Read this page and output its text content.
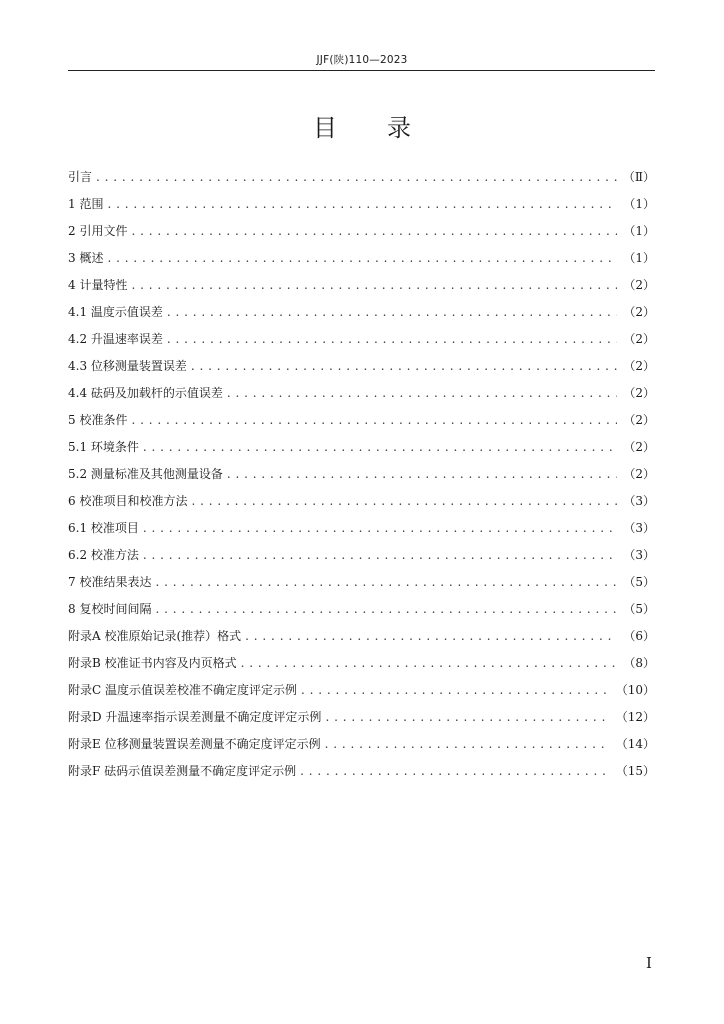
JJF(陕)110—2023
目录
引言 . . .	（Ⅱ）
1 范围 . . .	（1）
2 引用文件 . . .	（1）
3 概述 . . .	（1）
4 计量特性 . . .	（2）
4.1 温度示值误差 . . .	（2）
4.2 升温速率误差 . . .	（2）
4.3 位移测量装置误差 . . .	（2）
4.4 砝码及加载杆的示值误差 . . .	（2）
5 校准条件 . . .	（2）
5.1 环境条件 . . .	（2）
5.2 测量标准及其他测量设备 . . .	（2）
6 校准项目和校准方法 . . .	（3）
6.1 校准项目 . . .	（3）
6.2 校准方法 . . .	（3）
7 校准结果表达 . . .	（5）
8 复校时间间隔 . . .	（5）
附录A 校准原始记录(推荐）格式 . . .	（6）
附录B 校准证书内容及内页格式 . . .	（8）
附录C 温度示值误差校准不确定度评定示例 . . .	（10）
附录D 升温速率指示误差测量不确定度评定示例 . . .	（12）
附录E 位移测量装置误差测量不确定度评定示例 . . .	（14）
附录F 砝码示值误差测量不确定度评定示例 . . .	（15）
Ⅰ
